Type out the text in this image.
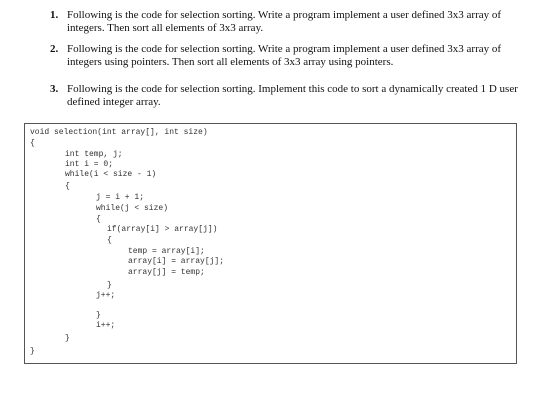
1. Following is the code for selection sorting. Write a program implement a user defined 3x3 array of integers. Then sort all elements of 3x3 array.
2. Following is the code for selection sorting. Write a program implement a user defined 3x3 array of integers using pointers. Then sort all elements of 3x3 array using pointers.
3. Following is the code for selection sorting. Implement this code to sort a dynamically created 1 D user defined integer array.
void selection(int array[], int size)
{
int temp, j;
int i = 0;
while(i < size - 1)
{
j = i + 1;
while(j < size)
{
if(array[i] > array[j])
{
temp = array[i];
array[i] = array[j];
array[j] = temp;
}
j++;
}
i++;
}
}
